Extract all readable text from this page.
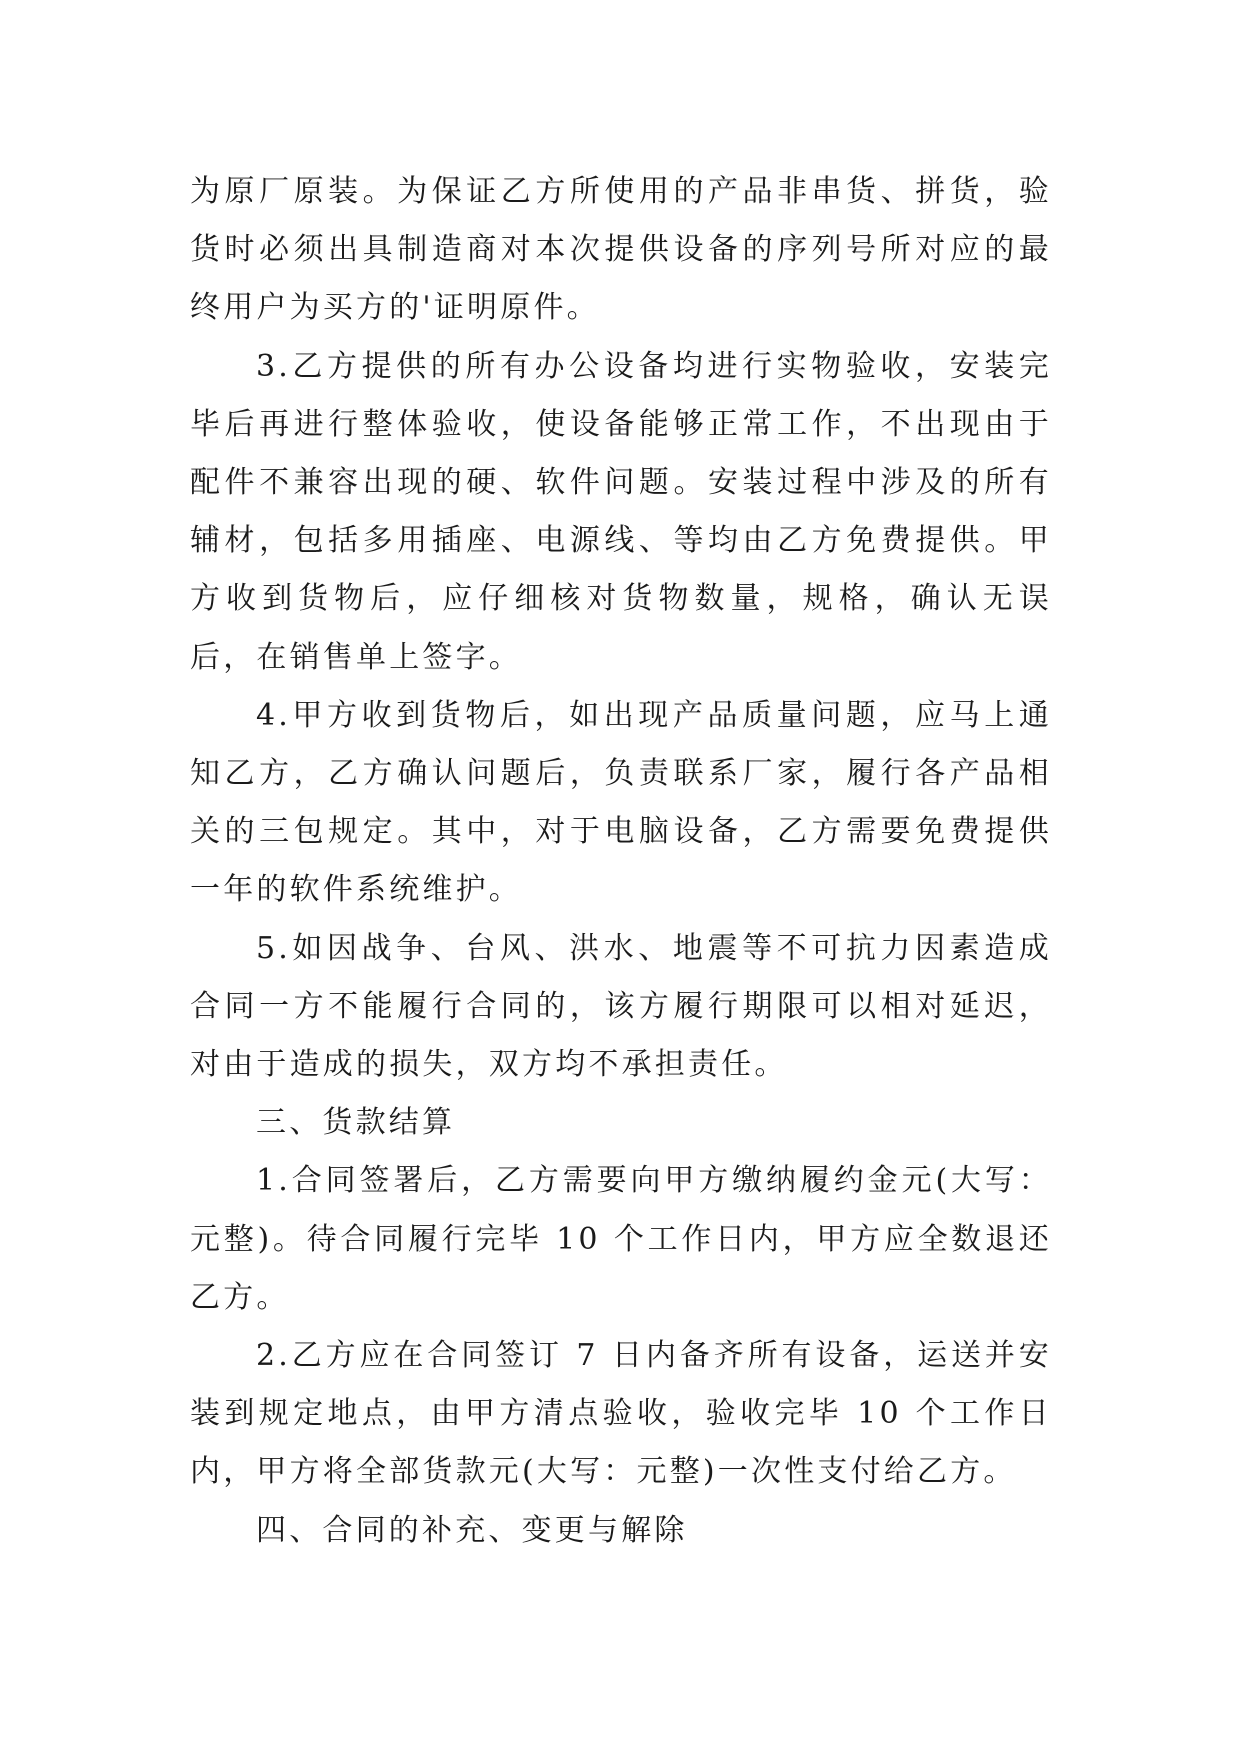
为原厂原装。为保证乙方所使用的产品非串货、拼货，验货时必须出具制造商对本次提供设备的序列号所对应的最终用户为买方的'证明原件。

3.乙方提供的所有办公设备均进行实物验收，安装完毕后再进行整体验收，使设备能够正常工作，不出现由于配件不兼容出现的硬、软件问题。安装过程中涉及的所有辅材，包括多用插座、电源线、等均由乙方免费提供。甲方收到货物后，应仔细核对货物数量，规格，确认无误后，在销售单上签字。

4.甲方收到货物后，如出现产品质量问题，应马上通知乙方，乙方确认问题后，负责联系厂家，履行各产品相关的三包规定。其中，对于电脑设备，乙方需要免费提供一年的软件系统维护。

5.如因战争、台风、洪水、地震等不可抗力因素造成合同一方不能履行合同的，该方履行期限可以相对延迟，对由于造成的损失，双方均不承担责任。

三、货款结算

1.合同签署后，乙方需要向甲方缴纳履约金元(大写：元整)。待合同履行完毕 10 个工作日内，甲方应全数退还乙方。

2.乙方应在合同签订 7 日内备齐所有设备，运送并安装到规定地点，由甲方清点验收，验收完毕 10 个工作日内，甲方将全部货款元(大写：元整)一次性支付给乙方。

四、合同的补充、变更与解除
